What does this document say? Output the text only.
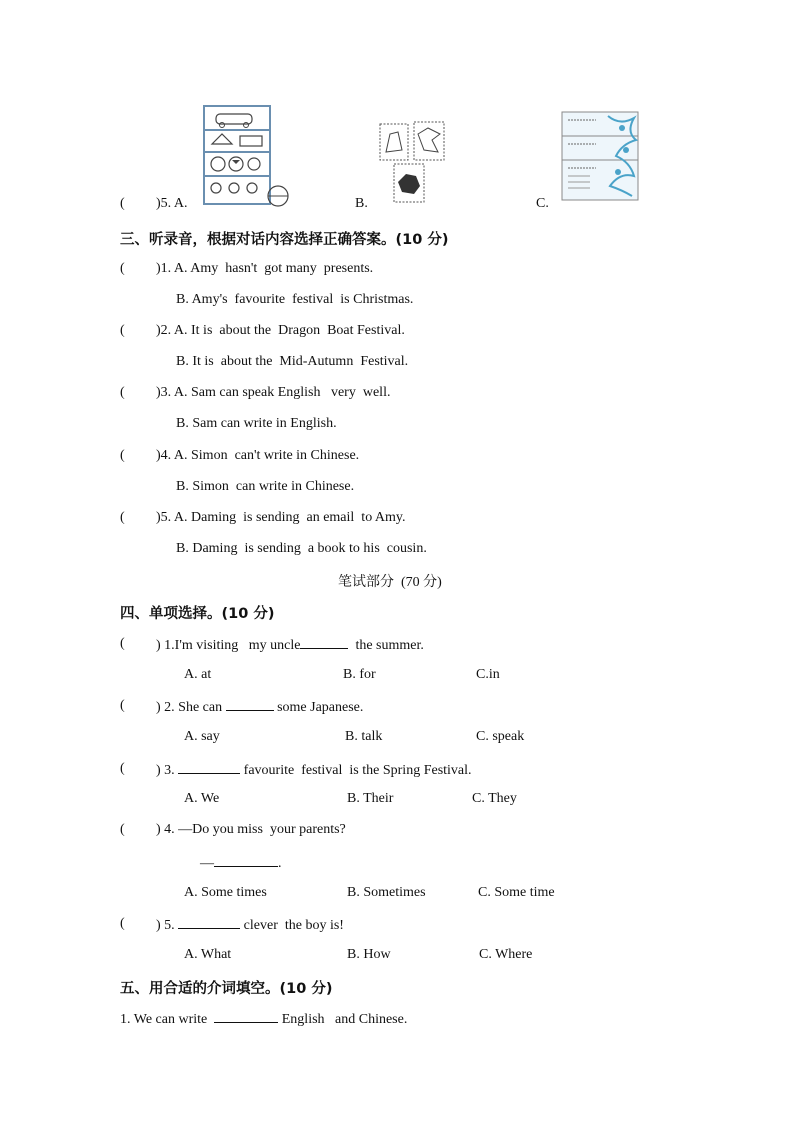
( )5. A.	B.	C.
三、听录音，根据对话内容选择正确答案。(10 分)
( )1. A. Amy  hasn't  got many  presents.
B. Amy's  favourite  festival  is Christmas.
( )2. A. It is  about the  Dragon  Boat Festival.
B. It is  about the  Mid-Autumn  Festival.
( )3. A. Sam can speak English   very  well.
B. Sam can write in English.
( )4. A. Simon  can't write in Chinese.
B. Simon  can write in Chinese.
( )5. A. Daming  is sending  an email  to Amy.
B. Daming  is sending  a book to his  cousin.
笔试部分  (70 分)
四、单项选择。(10 分)
( ) 1.I'm visiting   my uncle	the summer.
A. at	B. for	C.in
( ) 2. She can	some Japanese.
A. say	B. talk	C. speak
( ) 3.	favourite  festival  is the Spring Festival.
A. We	B. Their	C. They
( ) 4. —Do you miss  your parents?
—	.
A. Some times	B. Sometimes	C. Some time
( ) 5.	clever  the boy is!
A. What	B. How	C. Where
五、用合适的介词填空。(10 分)
1. We can write	English   and Chinese.
